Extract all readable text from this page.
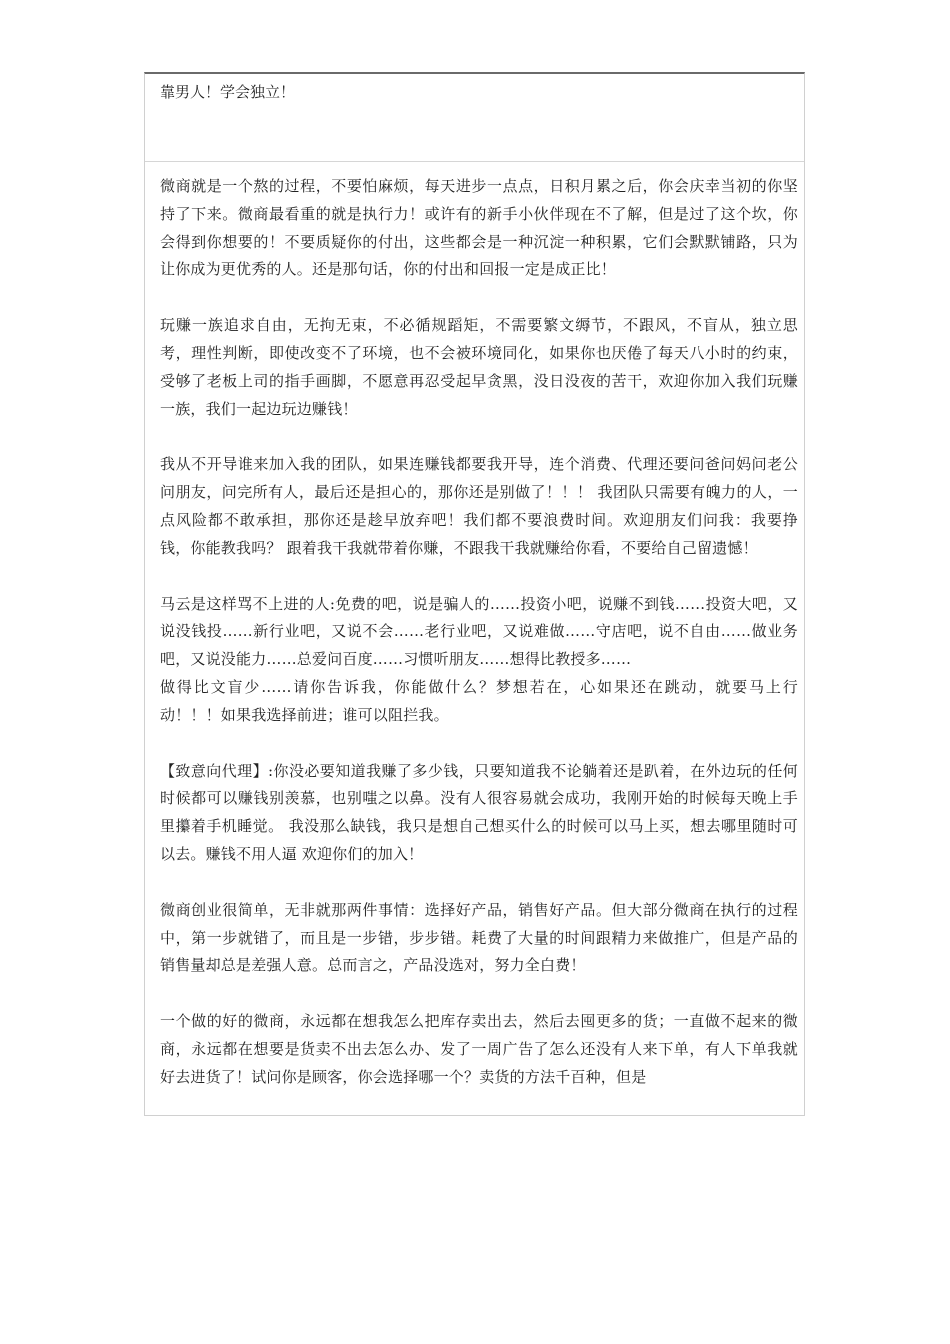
.
靠男人！学会独立！

微商就是一个熬的过程，不要怕麻烦，每天进步一点点，日积月累之后，你会庆幸当初的你坚持了下来。微商最看重的就是执行力！或许有的新手小伙伴现在不了解，但是过了这个坎，你会得到你想要的！不要质疑你的付出，这些都会是一种沉淀一种积累，它们会默默铺路，只为让你成为更优秀的人。还是那句话，你的付出和回报一定是成正比！

玩赚一族追求自由，无拘无束，不必循规蹈矩，不需要繁文缛节，不跟风，不盲从，独立思考，理性判断，即使改变不了环境，也不会被环境同化，如果你也厌倦了每天八小时的约束，受够了老板上司的指手画脚，不愿意再忍受起早贪黑，没日没夜的苦干，欢迎你加入我们玩赚一族，我们一起边玩边赚钱！

我从不开导谁来加入我的团队，如果连赚钱都要我开导，连个消费、代理还要问爸问妈问老公问朋友，问完所有人，最后还是担心的，那你还是别做了！！！ 我团队只需要有魄力的人，一点风险都不敢承担，那你还是趁早放弃吧！我们都不要浪费时间。欢迎朋友们问我：我要挣钱，你能教我吗？ 跟着我干我就带着你赚，不跟我干我就赚给你看，不要给自己留遗憾！

马云是这样骂不上进的人:免费的吧，说是骗人的……投资小吧，说赚不到钱……投资大吧，又说没钱投……新行业吧，又说不会……老行业吧，又说难做……守店吧，说不自由……做业务吧，又说没能力……总爱问百度……习惯听朋友……想得比教授多……

做得比文盲少……请你告诉我，你能做什么？梦想若在，心如果还在跳动，就要马上行动！！！如果我选择前进；谁可以阻拦我。

【致意向代理】:你没必要知道我赚了多少钱，只要知道我不论躺着还是趴着，在外边玩的任何时候都可以赚钱别羡慕，也别嗤之以鼻。没有人很容易就会成功，我刚开始的时候每天晚上手里攥着手机睡觉。 我没那么缺钱，我只是想自己想买什么的时候可以马上买，想去哪里随时可以去。赚钱不用人逼 欢迎你们的加入！

微商创业很简单，无非就那两件事情：选择好产品，销售好产品。但大部分微商在执行的过程中，第一步就错了，而且是一步错，步步错。耗费了大量的时间跟精力来做推广，但是产品的销售量却总是差强人意。总而言之，产品没选对，努力全白费！

一个做的好的微商，永远都在想我怎么把库存卖出去，然后去囤更多的货；一直做不起来的微商，永远都在想要是货卖不出去怎么办、发了一周广告了怎么还没有人来下单，有人下单我就好去进货了！试问你是顾客，你会选择哪一个？卖货的方法千百种，但是
